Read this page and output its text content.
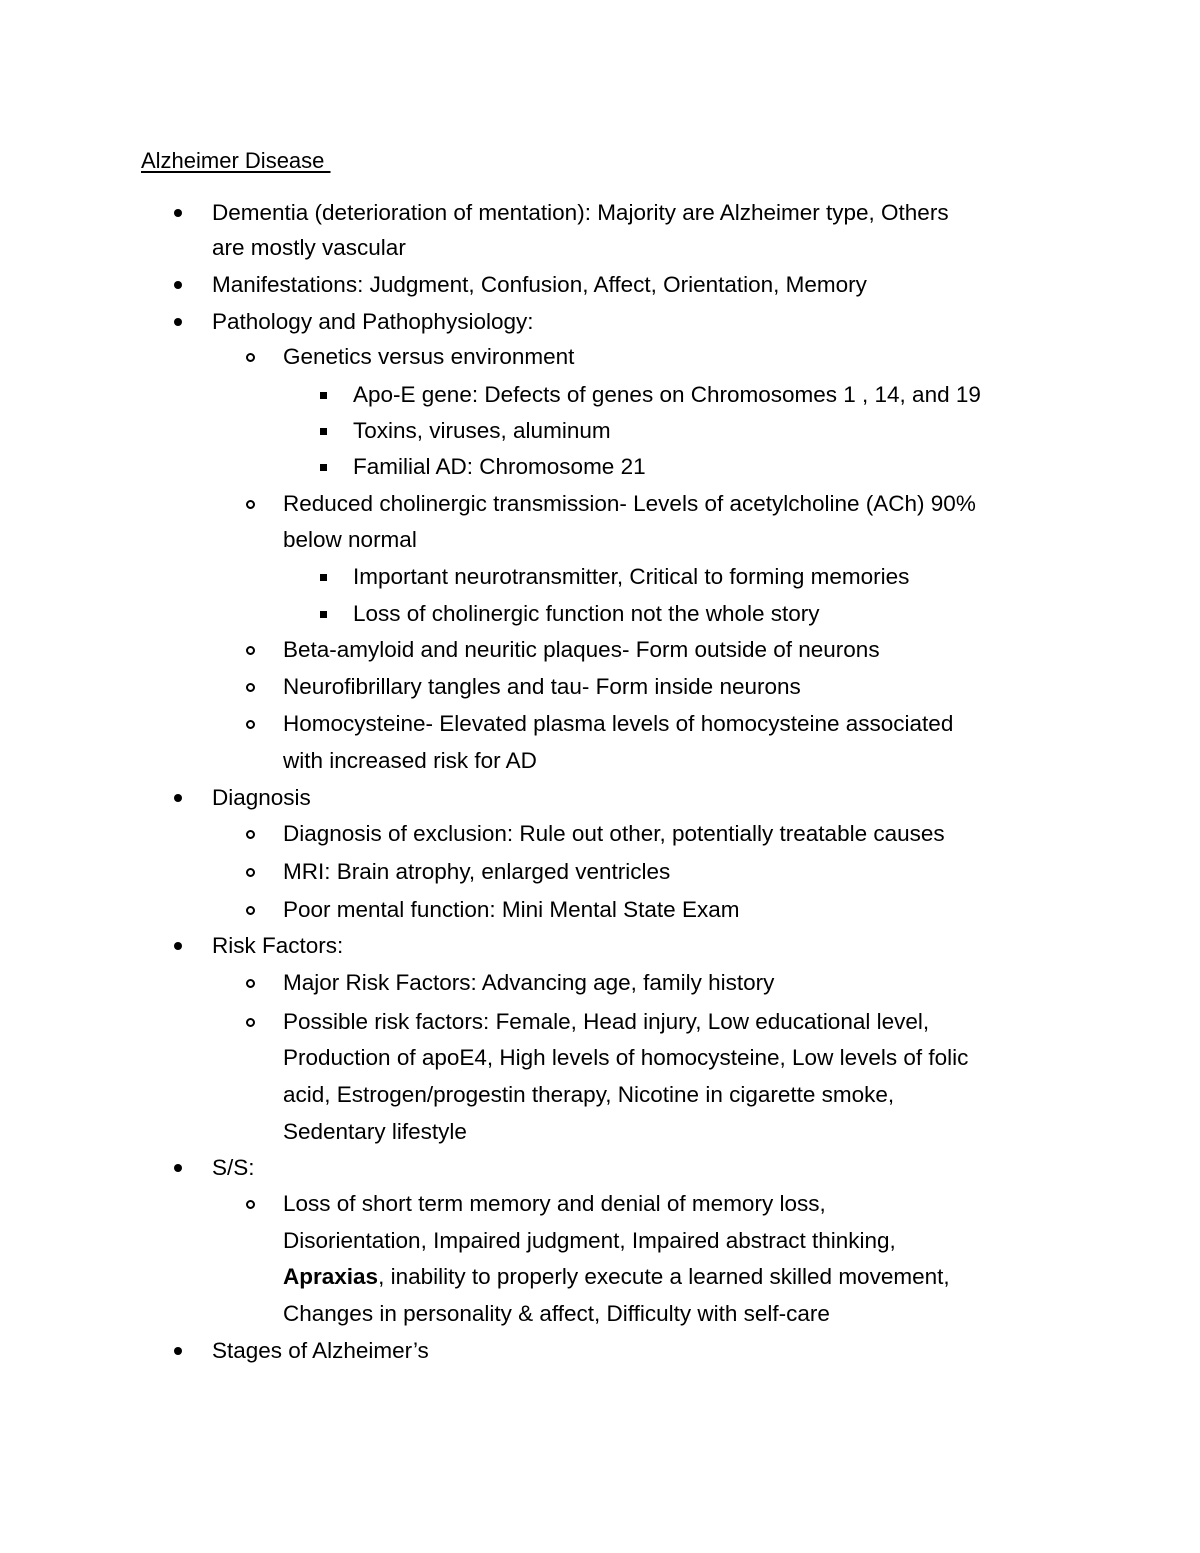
Alzheimer Disease
Dementia (deterioration of mentation): Majority are Alzheimer type, Others
are mostly vascular
Manifestations: Judgment, Confusion, Affect, Orientation, Memory
Pathology and Pathophysiology:
Genetics versus environment
Apo-E gene: Defects of genes on Chromosomes 1 , 14, and 19
Toxins, viruses, aluminum
Familial AD: Chromosome 21
Reduced cholinergic transmission- Levels of acetylcholine (ACh) 90%
below normal
Important neurotransmitter, Critical to forming memories
Loss of cholinergic function not the whole story
Beta-amyloid and neuritic plaques- Form outside of neurons
Neurofibrillary tangles and tau- Form inside neurons
Homocysteine- Elevated plasma levels of homocysteine associated
with increased risk for AD
Diagnosis
Diagnosis of exclusion: Rule out other, potentially treatable causes
MRI: Brain atrophy, enlarged ventricles
Poor mental function: Mini Mental State Exam
Risk Factors:
Major Risk Factors: Advancing age, family history
Possible risk factors: Female, Head injury, Low educational level,
Production of apoE4, High levels of homocysteine, Low levels of folic
acid, Estrogen/progestin therapy, Nicotine in cigarette smoke,
Sedentary lifestyle
S/S:
Loss of short term memory and denial of memory loss,
Disorientation, Impaired judgment, Impaired abstract thinking,
Apraxias, inability to properly execute a learned skilled movement,
Changes in personality & affect, Difficulty with self-care
Stages of Alzheimer’s
